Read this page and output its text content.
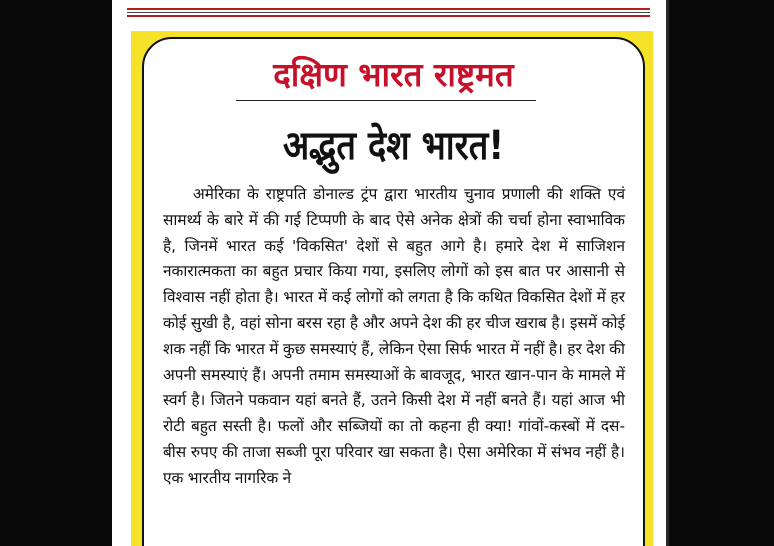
दक्षिण भारत राष्ट्रमत
अद्भुत देश भारत!

अमेरिका के राष्ट्रपति डोनाल्ड ट्रंप द्वारा भारतीय चुनाव प्रणाली की शक्ति एवं सामर्थ्य के बारे में की गई टिप्पणी के बाद ऐसे अनेक क्षेत्रों की चर्चा होना स्वाभाविक है, जिनमें भारत कई 'विकसित' देशों से बहुत आगे है। हमारे देश में साजिशन नकारात्मकता का बहुत प्रचार किया गया, इसलिए लोगों को इस बात पर आसानी से विश्वास नहीं होता है। भारत में कई लोगों को लगता है कि कथित विकसित देशों में हर कोई सुखी है, वहां सोना बरस रहा है और अपने देश की हर चीज खराब है। इसमें कोई शक नहीं कि भारत में कुछ समस्याएं हैं, लेकिन ऐसा सिर्फ भारत में नहीं है। हर देश की अपनी समस्याएं हैं। अपनी तमाम समस्याओं के बावजूद, भारत खान-पान के मामले में स्वर्ग है। जितने पकवान यहां बनते हैं, उतने किसी देश में नहीं बनते हैं। यहां आज भी रोटी बहुत सस्ती है। फलों और सब्जियों का तो कहना ही क्या! गांवों-कस्बों में दस-बीस रुपए की ताजा सब्जी पूरा परिवार खा सकता है। ऐसा अमेरिका में संभव नहीं है। एक भारतीय नागरिक ने
